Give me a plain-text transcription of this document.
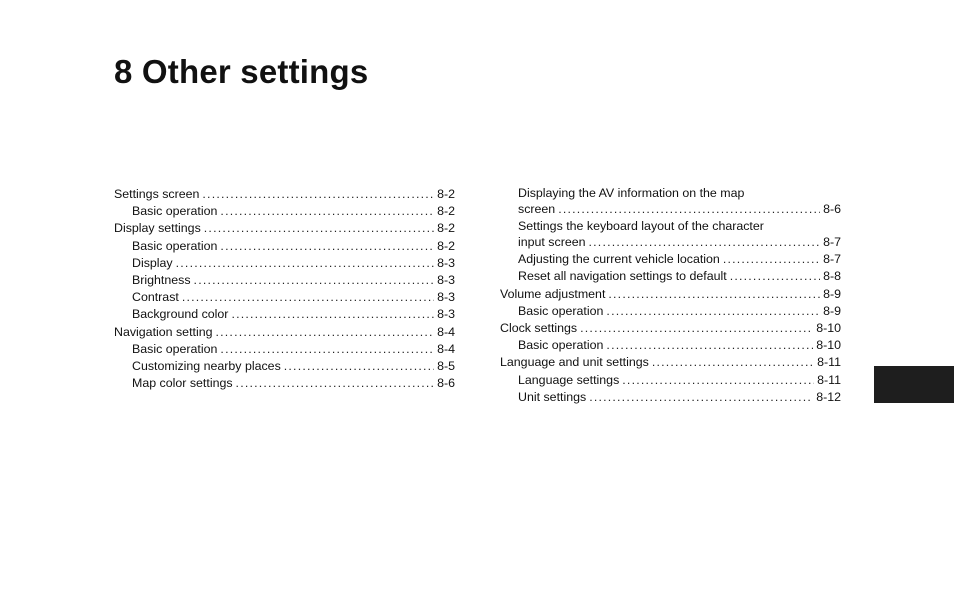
8 Other settings
Settings screen .....	8-2
Basic operation .....	8-2
Display settings .....	8-2
Basic operation .....	8-2
Display .....	8-3
Brightness .....	8-3
Contrast .....	8-3
Background color .....	8-3
Navigation setting .....	8-4
Basic operation .....	8-4
Customizing nearby places .....	8-5
Map color settings .....	8-6
Displaying the AV information on the map
screen .....	8-6
Settings the keyboard layout of the character
input screen .....	8-7
Adjusting the current vehicle location .....	8-7
Reset all navigation settings to default .....	8-8
Volume adjustment .....	8-9
Basic operation .....	8-9
Clock settings .....	8-10
Basic operation .....	8-10
Language and unit settings .....	8-11
Language settings .....	8-11
Unit settings .....	8-12
